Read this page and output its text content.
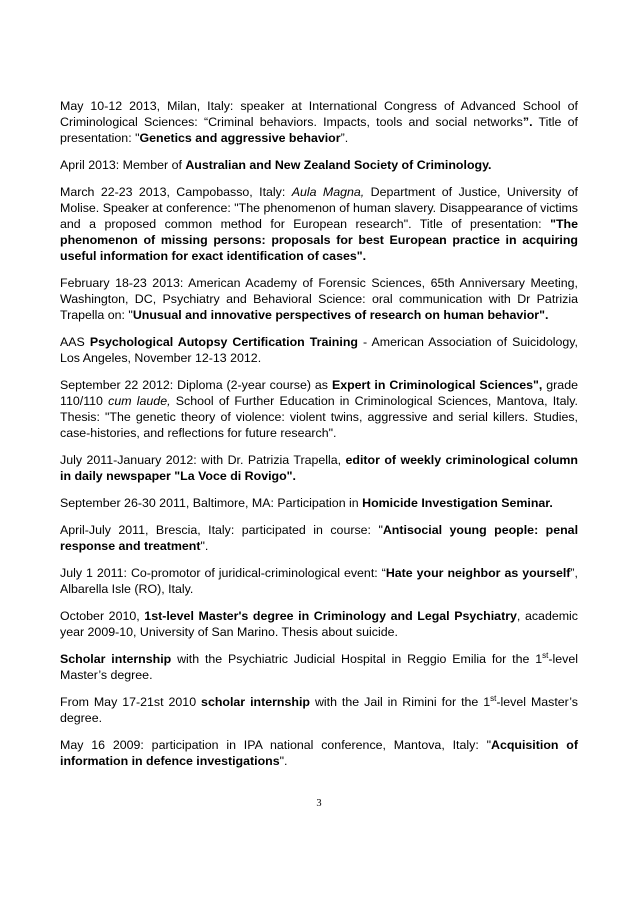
May 10-12 2013, Milan, Italy: speaker at International Congress of Advanced School of Criminological Sciences: “Criminal behaviors. Impacts, tools and social networks”. Title of presentation: "Genetics and aggressive behavior”.

April 2013: Member of Australian and New Zealand Society of Criminology.

March 22-23 2013, Campobasso, Italy: Aula Magna, Department of Justice, University of Molise. Speaker at conference: "The phenomenon of human slavery. Disappearance of victims and a proposed common method for European research". Title of presentation: "The phenomenon of missing persons: proposals for best European practice in acquiring useful information for exact identification of cases".

February 18-23 2013: American Academy of Forensic Sciences, 65th Anniversary Meeting, Washington, DC, Psychiatry and Behavioral Science: oral communication with Dr Patrizia Trapella on: "Unusual and innovative perspectives of research on human behavior".

AAS Psychological Autopsy Certification Training - American Association of Suicidology, Los Angeles, November 12-13 2012.

September 22 2012: Diploma (2-year course) as Expert in Criminological Sciences", grade 110/110 cum laude, School of Further Education in Criminological Sciences, Mantova, Italy. Thesis: "The genetic theory of violence: violent twins, aggressive and serial killers. Studies, case-histories, and reflections for future research".

July 2011-January 2012: with Dr. Patrizia Trapella, editor of weekly criminological column in daily newspaper "La Voce di Rovigo".

September 26-30 2011, Baltimore, MA: Participation in Homicide Investigation Seminar.

April-July 2011, Brescia, Italy: participated in course: "Antisocial young people: penal response and treatment".

July 1 2011: Co-promotor of juridical-criminological event: “Hate your neighbor as yourself”, Albarella Isle (RO), Italy.

October 2010, 1st-level Master's degree in Criminology and Legal Psychiatry, academic year 2009-10, University of San Marino. Thesis about suicide.

Scholar internship with the Psychiatric Judicial Hospital in Reggio Emilia for the 1st-level Master’s degree.

From May 17-21st 2010 scholar internship with the Jail in Rimini for the 1st-level Master’s degree.

May 16 2009: participation in IPA national conference, Mantova, Italy: "Acquisition of information in defence investigations".

3
